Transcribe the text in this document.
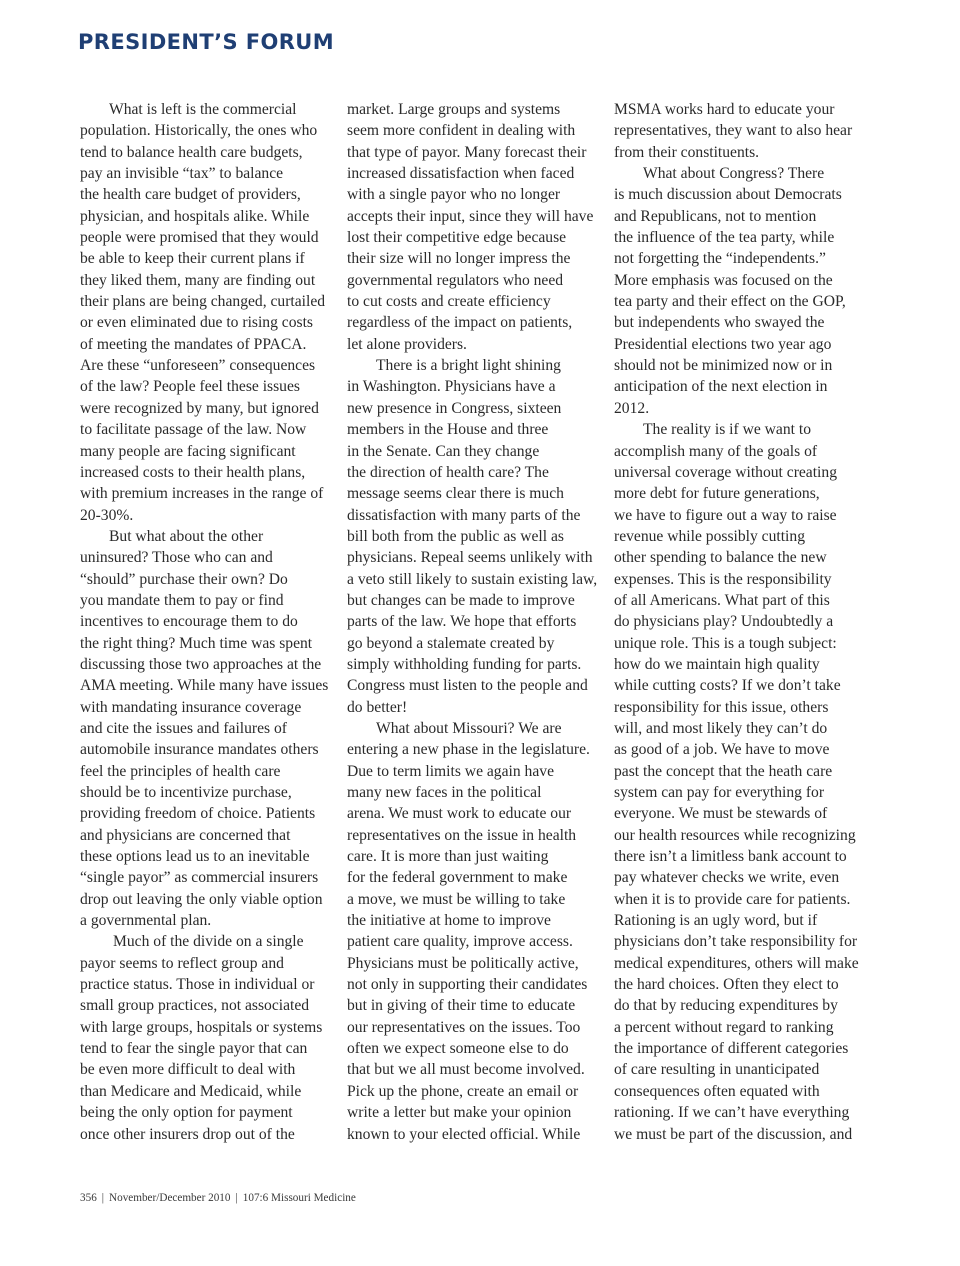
PRESIDENT’S FORUM
What is left is the commercial
population. Historically, the ones who
tend to balance health care budgets,
pay an invisible “tax” to balance
the health care budget of providers,
physician, and hospitals alike. While
people were promised that they would
be able to keep their current plans if
they liked them, many are finding out
their plans are being changed, curtailed
or even eliminated due to rising costs
of meeting the mandates of PPACA.
Are these “unforeseen” consequences
of the law? People feel these issues
were recognized by many, but ignored
to facilitate passage of the law. Now
many people are facing significant
increased costs to their health plans,
with premium increases in the range of
20-30%.
But what about the other
uninsured? Those who can and
“should” purchase their own? Do
you mandate them to pay or find
incentives to encourage them to do
the right thing? Much time was spent
discussing those two approaches at the
AMA meeting. While many have issues
with mandating insurance coverage
and cite the issues and failures of
automobile insurance mandates others
feel the principles of health care
should be to incentivize purchase,
providing freedom of choice. Patients
and physicians are concerned that
these options lead us to an inevitable
“single payor” as commercial insurers
drop out leaving the only viable option
a governmental plan.
Much of the divide on a single
payor seems to reflect group and
practice status. Those in individual or
small group practices, not associated
with large groups, hospitals or systems
tend to fear the single payor that can
be even more difficult to deal with
than Medicare and Medicaid, while
being the only option for payment
once other insurers drop out of the
market. Large groups and systems
seem more confident in dealing with
that type of payor. Many forecast their
increased dissatisfaction when faced
with a single payor who no longer
accepts their input, since they will have
lost their competitive edge because
their size will no longer impress the
governmental regulators who need
to cut costs and create efficiency
regardless of the impact on patients,
let alone providers.
There is a bright light shining
in Washington. Physicians have a
new presence in Congress, sixteen
members in the House and three
in the Senate. Can they change
the direction of health care? The
message seems clear there is much
dissatisfaction with many parts of the
bill both from the public as well as
physicians. Repeal seems unlikely with
a veto still likely to sustain existing law,
but changes can be made to improve
parts of the law. We hope that efforts
go beyond a stalemate created by
simply withholding funding for parts.
Congress must listen to the people and
do better!
What about Missouri? We are
entering a new phase in the legislature.
Due to term limits we again have
many new faces in the political
arena. We must work to educate our
representatives on the issue in health
care. It is more than just waiting
for the federal government to make
a move, we must be willing to take
the initiative at home to improve
patient care quality, improve access.
Physicians must be politically active,
not only in supporting their candidates
but in giving of their time to educate
our representatives on the issues. Too
often we expect someone else to do
that but we all must become involved.
Pick up the phone, create an email or
write a letter but make your opinion
known to your elected official. While
MSMA works hard to educate your
representatives, they want to also hear
from their constituents.
What about Congress? There
is much discussion about Democrats
and Republicans, not to mention
the influence of the tea party, while
not forgetting the “independents.”
More emphasis was focused on the
tea party and their effect on the GOP,
but independents who swayed the
Presidential elections two year ago
should not be minimized now or in
anticipation of the next election in
2012.
The reality is if we want to
accomplish many of the goals of
universal coverage without creating
more debt for future generations,
we have to figure out a way to raise
revenue while possibly cutting
other spending to balance the new
expenses. This is the responsibility
of all Americans. What part of this
do physicians play? Undoubtedly a
unique role. This is a tough subject:
how do we maintain high quality
while cutting costs? If we don’t take
responsibility for this issue, others
will, and most likely they can’t do
as good of a job. We have to move
past the concept that the heath care
system can pay for everything for
everyone. We must be stewards of
our health resources while recognizing
there isn’t a limitless bank account to
pay whatever checks we write, even
when it is to provide care for patients.
Rationing is an ugly word, but if
physicians don’t take responsibility for
medical expenditures, others will make
the hard choices. Often they elect to
do that by reducing expenditures by
a percent without regard to ranking
the importance of different categories
of care resulting in unanticipated
consequences often equated with
rationing. If we can’t have everything
we must be part of the discussion, and
356 | November/December 2010 | 107:6 Missouri Medicine
